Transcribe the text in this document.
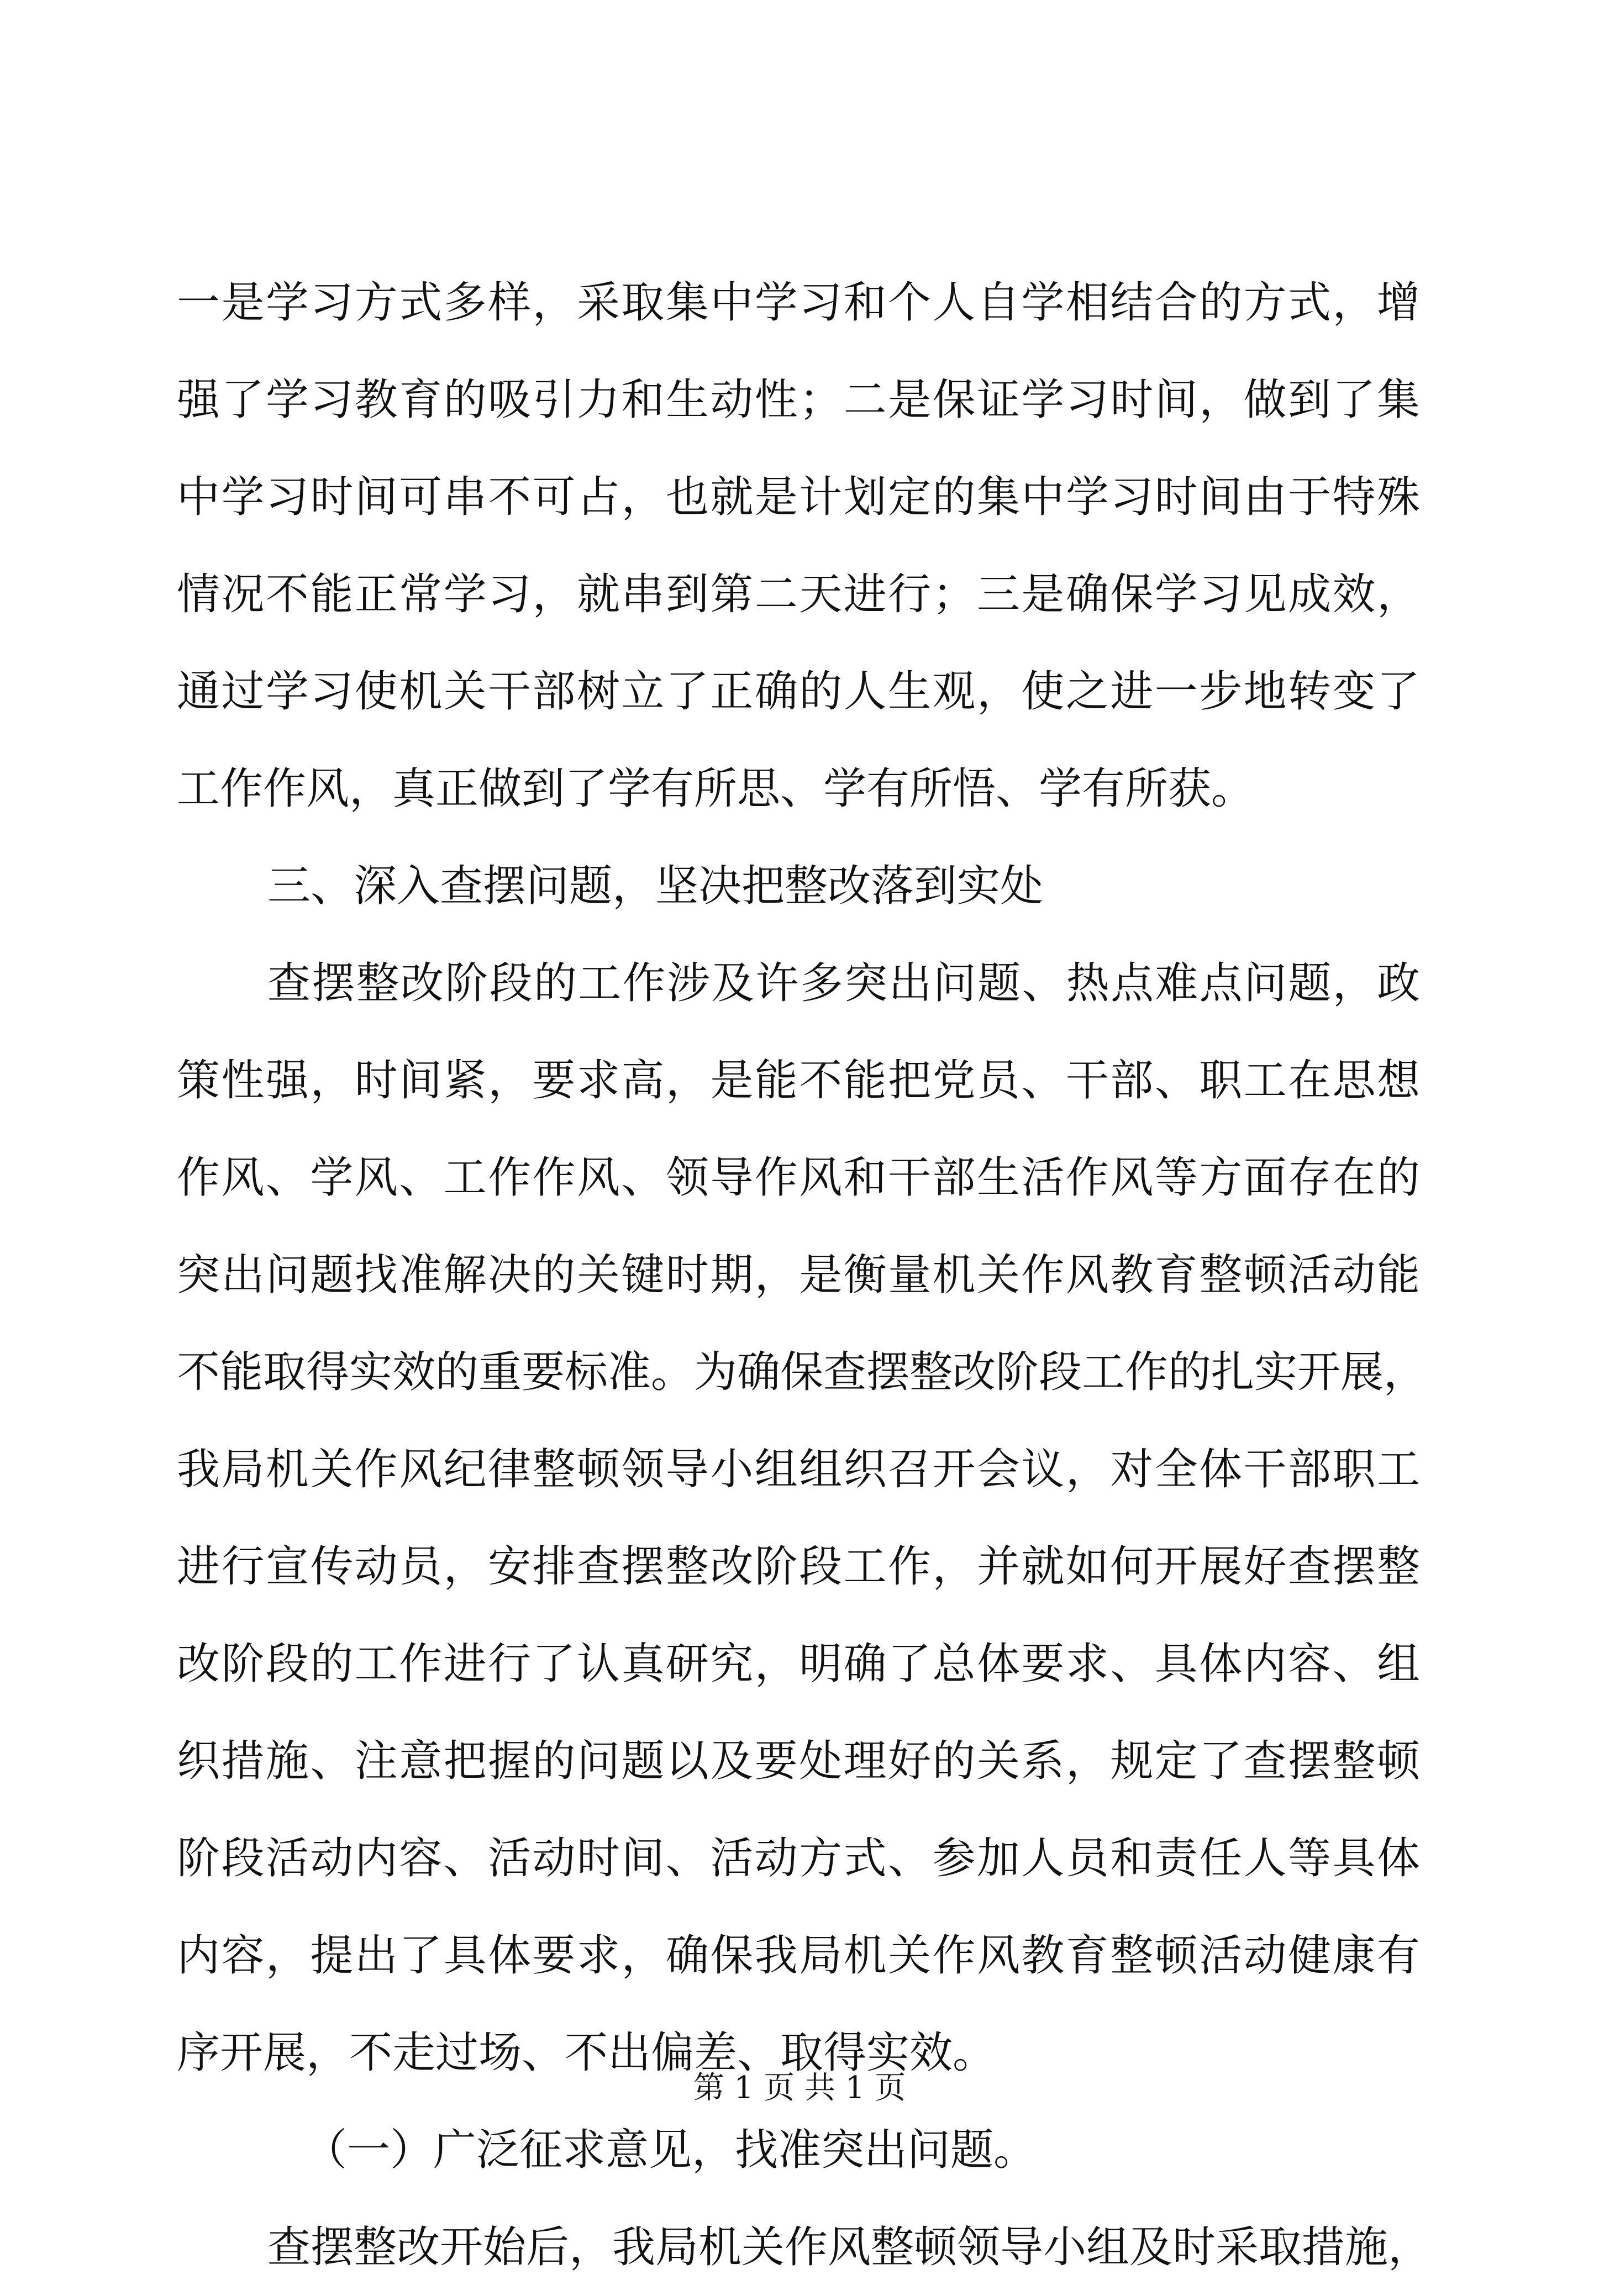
一是学习方式多样，采取集中学习和个人自学相结合的方式，增
强了学习教育的吸引力和生动性；二是保证学习时间，做到了集
中学习时间可串不可占，也就是计划定的集中学习时间由于特殊
情况不能正常学习，就串到第二天进行；三是确保学习见成效，
通过学习使机关干部树立了正确的人生观，使之进一步地转变了
工作作风，真正做到了学有所思、学有所悟、学有所获。
三、深入查摆问题，坚决把整改落到实处
查摆整改阶段的工作涉及许多突出问题、热点难点问题，政
策性强，时间紧，要求高，是能不能把党员、干部、职工在思想
作风、学风、工作作风、领导作风和干部生活作风等方面存在的
突出问题找准解决的关键时期，是衡量机关作风教育整顿活动能
不能取得实效的重要标准。为确保查摆整改阶段工作的扎实开展，
我局机关作风纪律整顿领导小组组织召开会议，对全体干部职工
进行宣传动员，安排查摆整改阶段工作，并就如何开展好查摆整
改阶段的工作进行了认真研究，明确了总体要求、具体内容、组
织措施、注意把握的问题以及要处理好的关系，规定了查摆整顿
阶段活动内容、活动时间、活动方式、参加人员和责任人等具体
内容，提出了具体要求，确保我局机关作风教育整顿活动健康有
序开展，不走过场、不出偏差、取得实效。
（一）广泛征求意见，找准突出问题。
查摆整改开始后，我局机关作风整顿领导小组及时采取措施，
第 1 页 共 1 页
